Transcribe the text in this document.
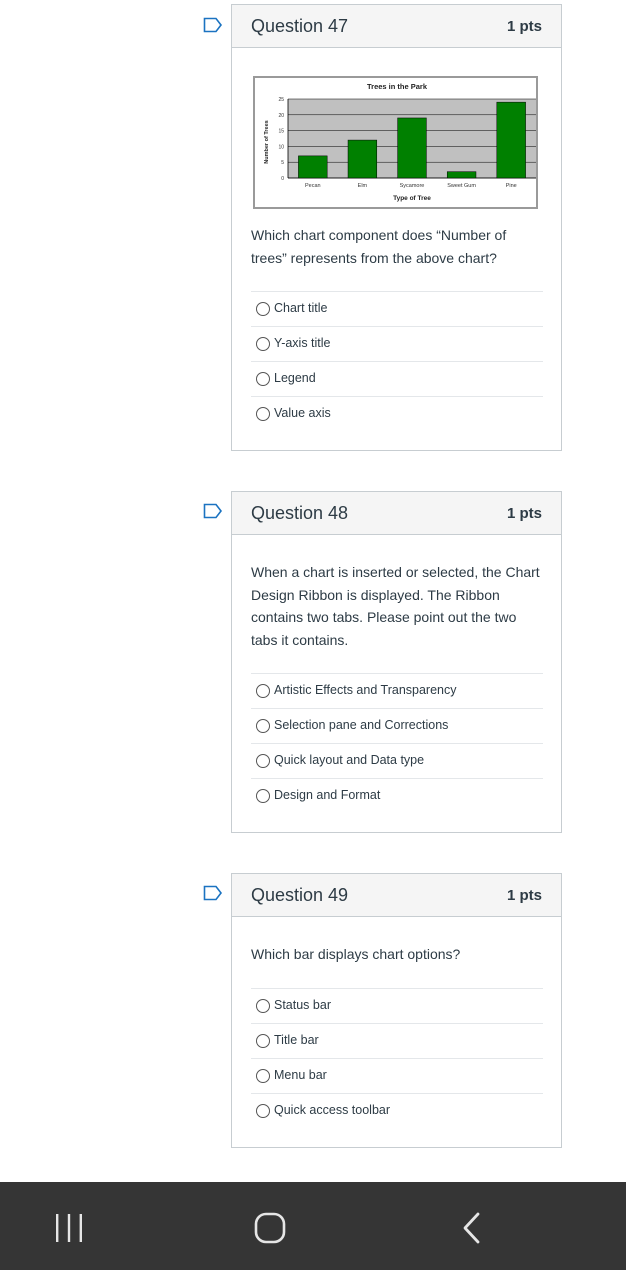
Question 47	1 pts
Trees in the Park
Number of Trees
Type of Tree
0
5
10
15
20
25
Pecan	Elm	Sycamore	Sweet Gum	Pine
Which chart component does “Number of trees” represents from the above chart?
Chart title
Y-axis title
Legend
Value axis
Question 48	1 pts
When a chart is inserted or selected, the Chart Design Ribbon is displayed. The Ribbon contains two tabs. Please point out the two tabs it contains.
Artistic Effects and Transparency
Selection pane and Corrections
Quick layout and Data type
Design and Format
Question 49	1 pts
Which bar displays chart options?
Status bar
Title bar
Menu bar
Quick access toolbar
